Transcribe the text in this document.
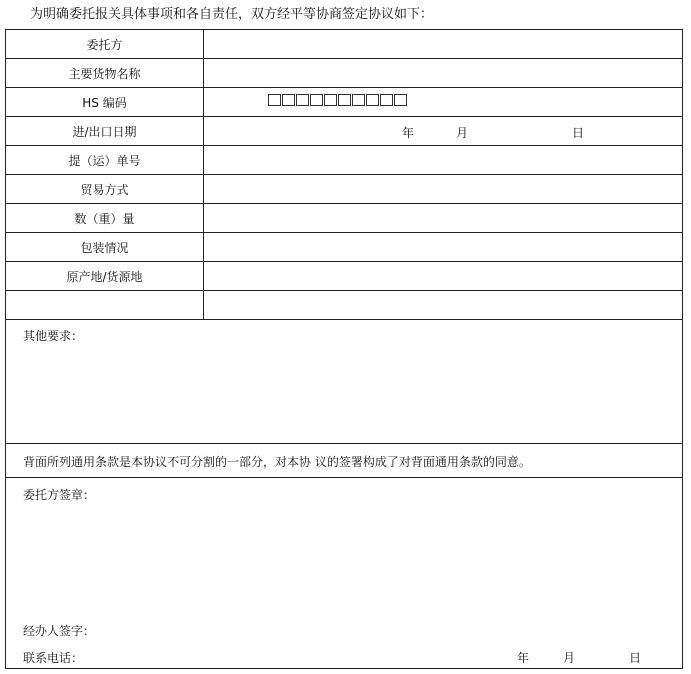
为明确委托报关具体事项和各自责任，双方经平等协商签定协议如下：
委托方
主要货物名称
HS 编码
进/出口日期	年	月	日
提（运）单号
贸易方式
数（重）量
包装情况
原产地/货源地
其他要求：
背面所列通用条款是本协议不可分割的一部分，对本协 议的签署构成了对背面通用条款的同意。
委托方签章：
经办人签字：
联系电话：	年	月	日
